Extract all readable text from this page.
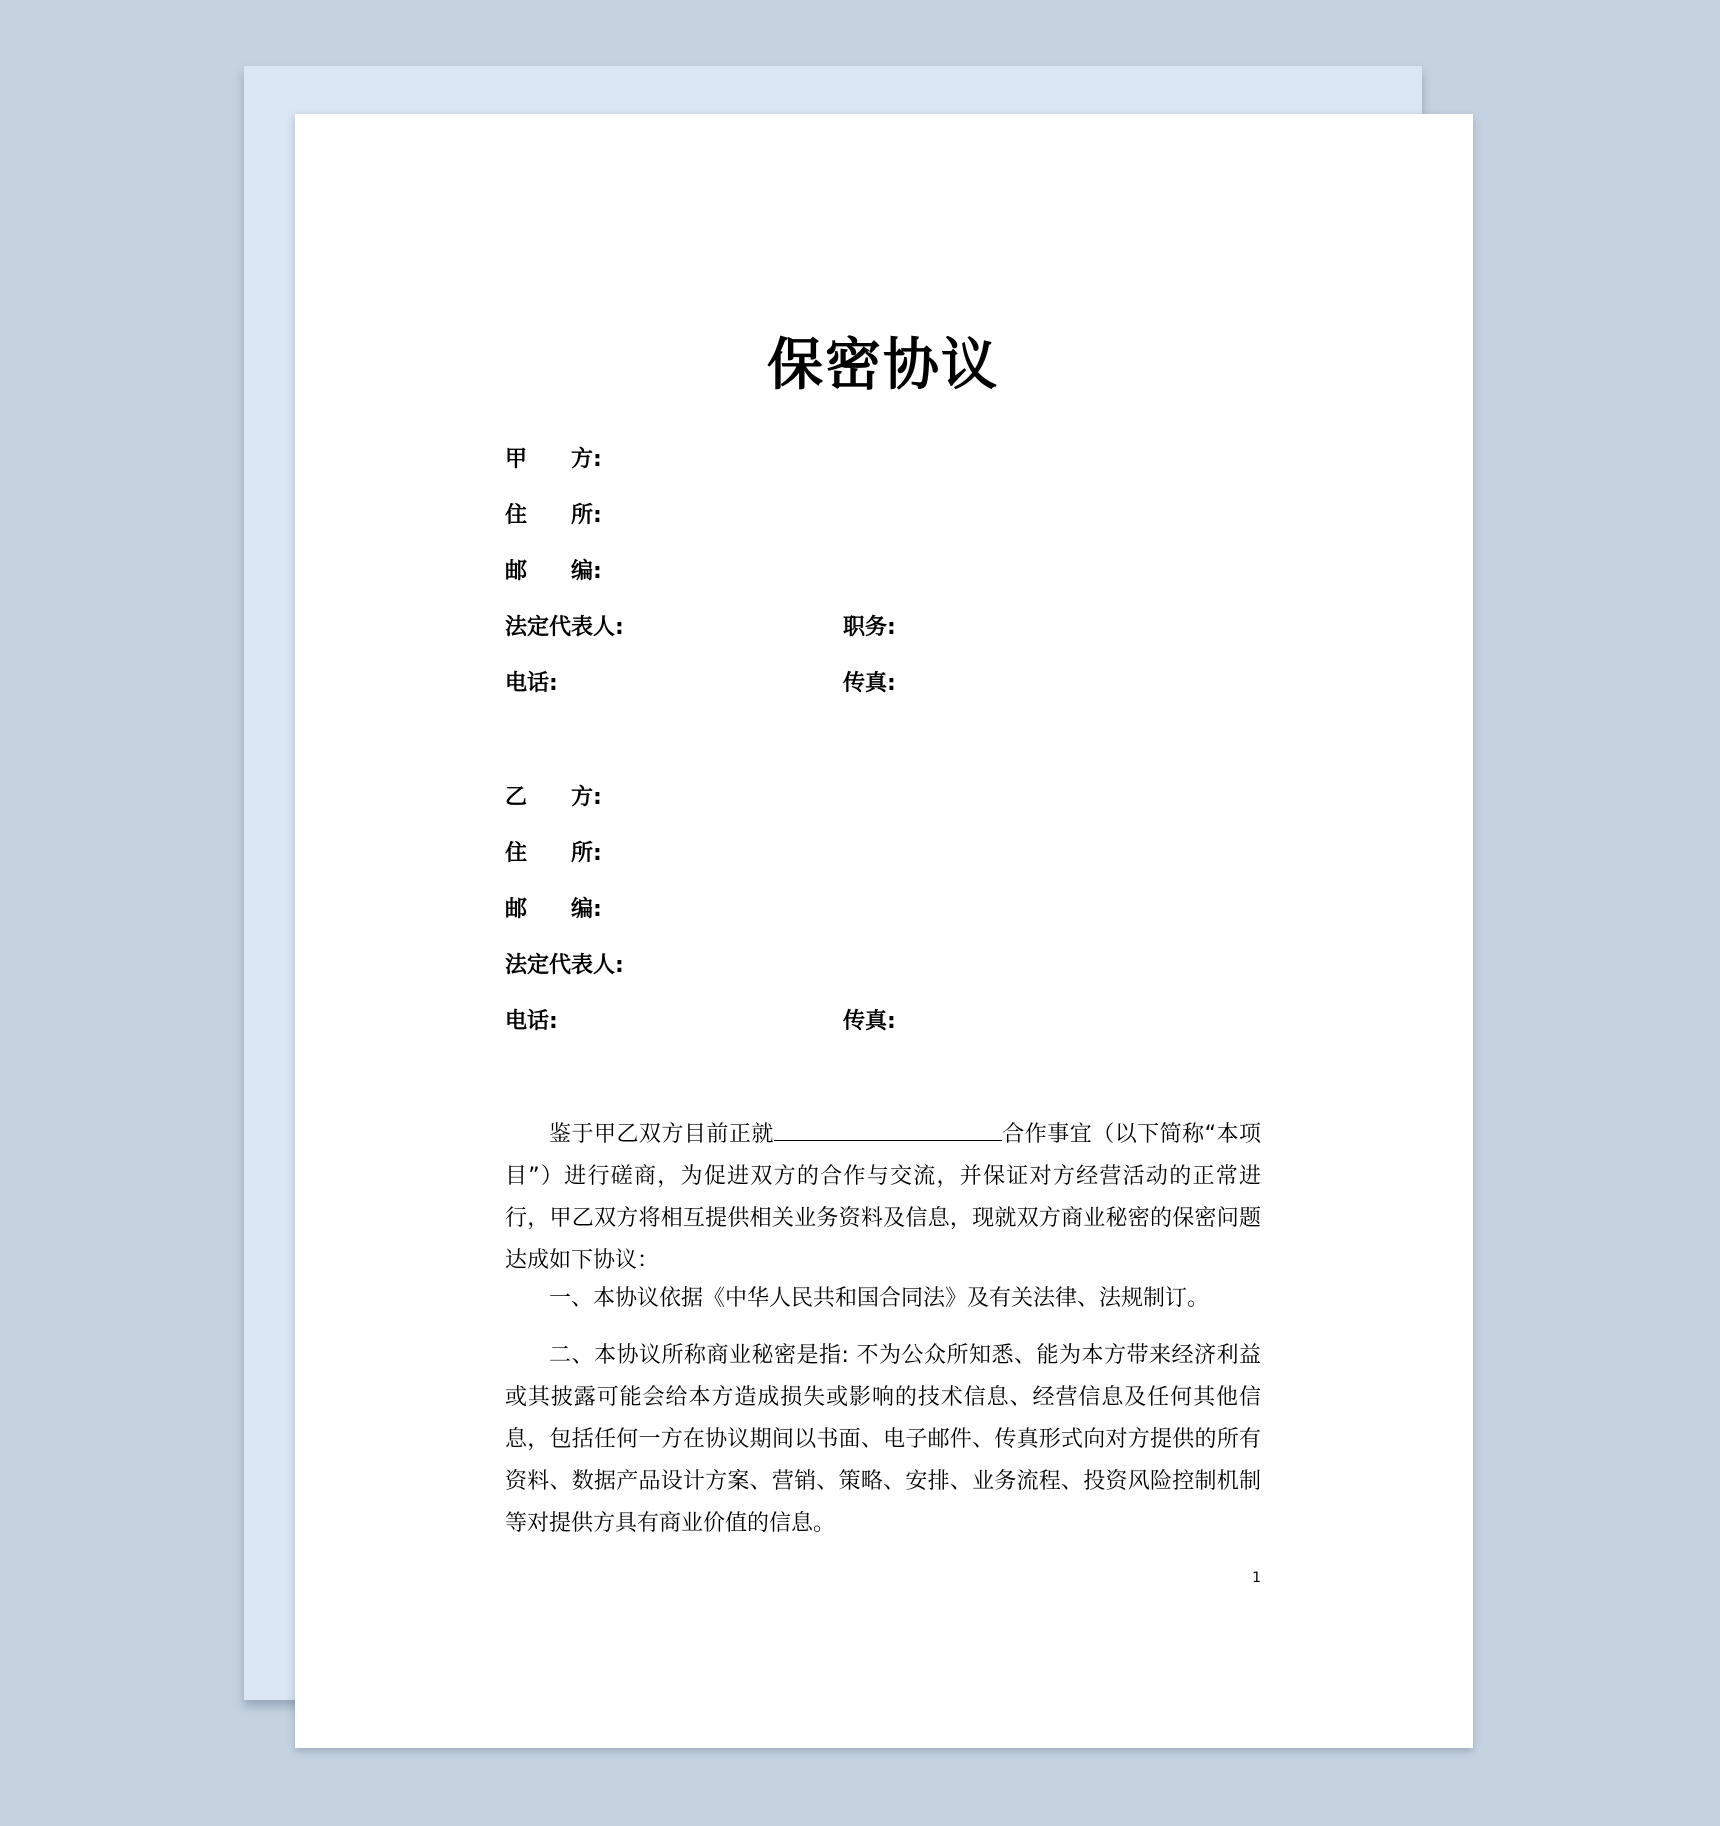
保密协议
甲　　方:
住　　所:
邮　　编:
法定代表人:	职务:
电话:	传真:
乙　　方:
住　　所:
邮　　编:
法定代表人:
电话:	传真:

鉴于甲乙双方目前正就	合作事宜（以下简称“本项目”）进行磋商，为促进双方的合作与交流，并保证对方经营活动的正常进行，甲乙双方将相互提供相关业务资料及信息，现就双方商业秘密的保密问题达成如下协议：

一、本协议依据《中华人民共和国合同法》及有关法律、法规制订。

二、本协议所称商业秘密是指: 不为公众所知悉、能为本方带来经济利益或其披露可能会给本方造成损失或影响的技术信息、经营信息及任何其他信息，包括任何一方在协议期间以书面、电子邮件、传真形式向对方提供的所有资料、数据产品设计方案、营销、策略、安排、业务流程、投资风险控制机制等对提供方具有商业价值的信息。

1
